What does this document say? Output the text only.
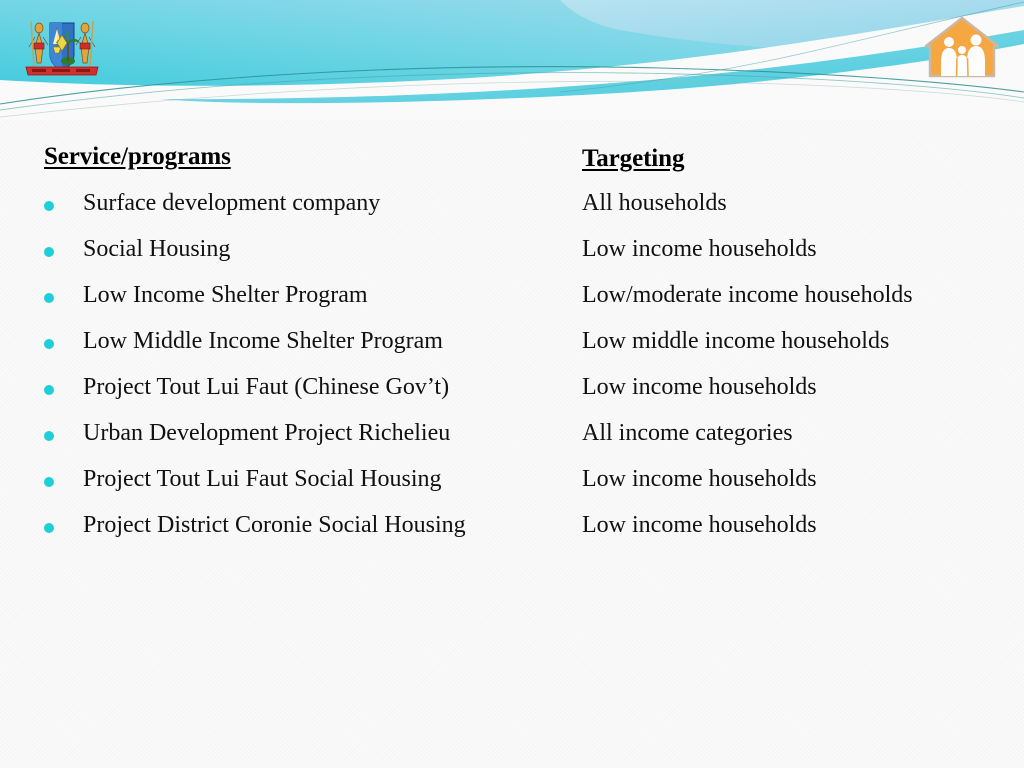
Service/programs	Targeting
Surface development company	All households
Social Housing	Low income households
Low Income Shelter Program	Low/moderate income households
Low Middle Income Shelter Program	Low middle income households
Project Tout Lui Faut (Chinese Gov’t)	Low income households
Urban Development Project Richelieu	All income categories
Project Tout Lui Faut Social Housing	Low income households
Project District Coronie Social Housing	Low income households
